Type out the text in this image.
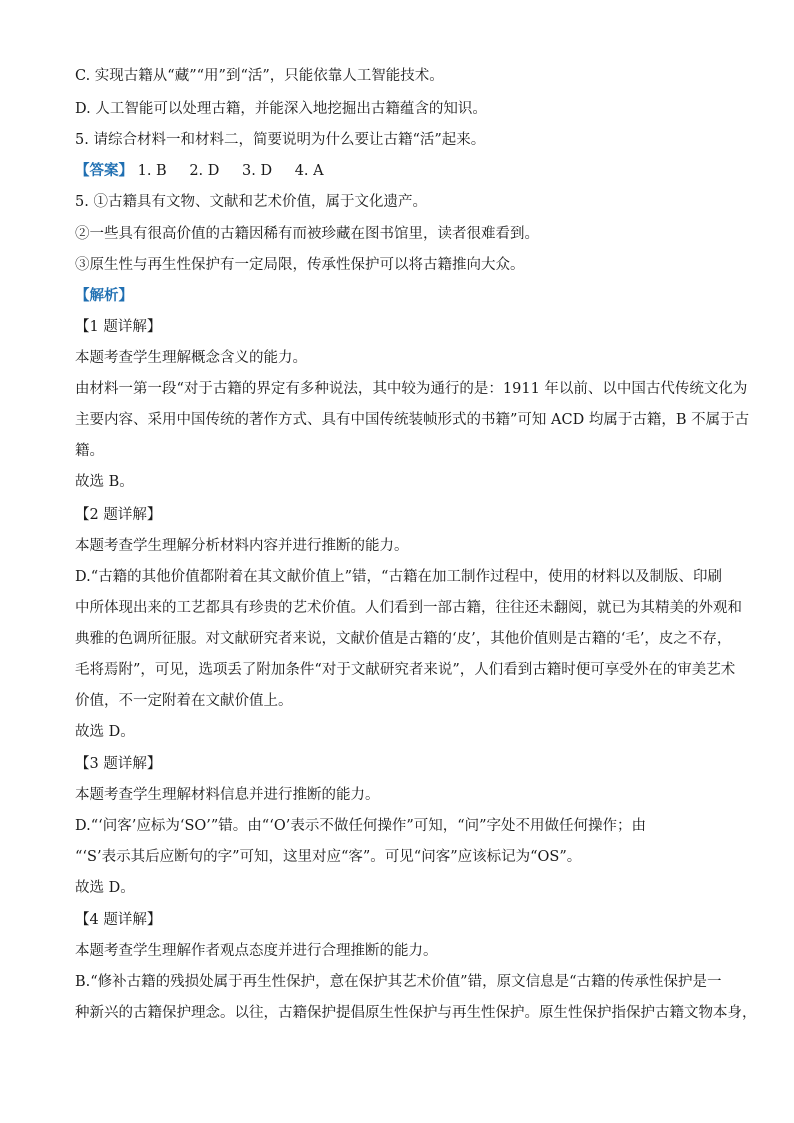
C. 实现古籍从“藏”“用”到“活”，只能依靠人工智能技术。
D. 人工智能可以处理古籍，并能深入地挖掘出古籍蕴含的知识。
5. 请综合材料一和材料二，简要说明为什么要让古籍“活”起来。
【答案】 1. B 2. D 3. D 4. A
5. ①古籍具有文物、文献和艺术价值，属于文化遗产。
②一些具有很高价值的古籍因稀有而被珍藏在图书馆里，读者很难看到。
③原生性与再生性保护有一定局限，传承性保护可以将古籍推向大众。
【解析】
【1 题详解】
本题考查学生理解概念含义的能力。
由材料一第一段“对于古籍的界定有多种说法，其中较为通行的是：1911 年以前、以中国古代传统文化为
主要内容、采用中国传统的著作方式、具有中国传统装帧形式的书籍”可知 ACD 均属于古籍，B 不属于古
籍。
故选 B。
【2 题详解】
本题考查学生理解分析材料内容并进行推断的能力。
D.“古籍的其他价值都附着在其文献价值上”错，“古籍在加工制作过程中，使用的材料以及制版、印刷
中所体现出来的工艺都具有珍贵的艺术价值。人们看到一部古籍，往往还未翻阅，就已为其精美的外观和
典雅的色调所征服。对文献研究者来说，文献价值是古籍的‘皮’，其他价值则是古籍的‘毛’，皮之不存，
毛将焉附”，可见，选项丢了附加条件“对于文献研究者来说”，人们看到古籍时便可享受外在的审美艺术
价值，不一定附着在文献价值上。
故选 D。
【3 题详解】
本题考查学生理解材料信息并进行推断的能力。
D.“‘问客’应标为‘SO’”错。由“‘O’表示不做任何操作”可知，“问”字处不用做任何操作；由
“‘S’表示其后应断句的字”可知，这里对应“客”。可见“问客”应该标记为“OS”。
故选 D。
【4 题详解】
本题考查学生理解作者观点态度并进行合理推断的能力。
B.“修补古籍的残损处属于再生性保护，意在保护其艺术价值”错，原文信息是“古籍的传承性保护是一
种新兴的古籍保护理念。以往，古籍保护提倡原生性保护与再生性保护。原生性保护指保护古籍文物本身，
